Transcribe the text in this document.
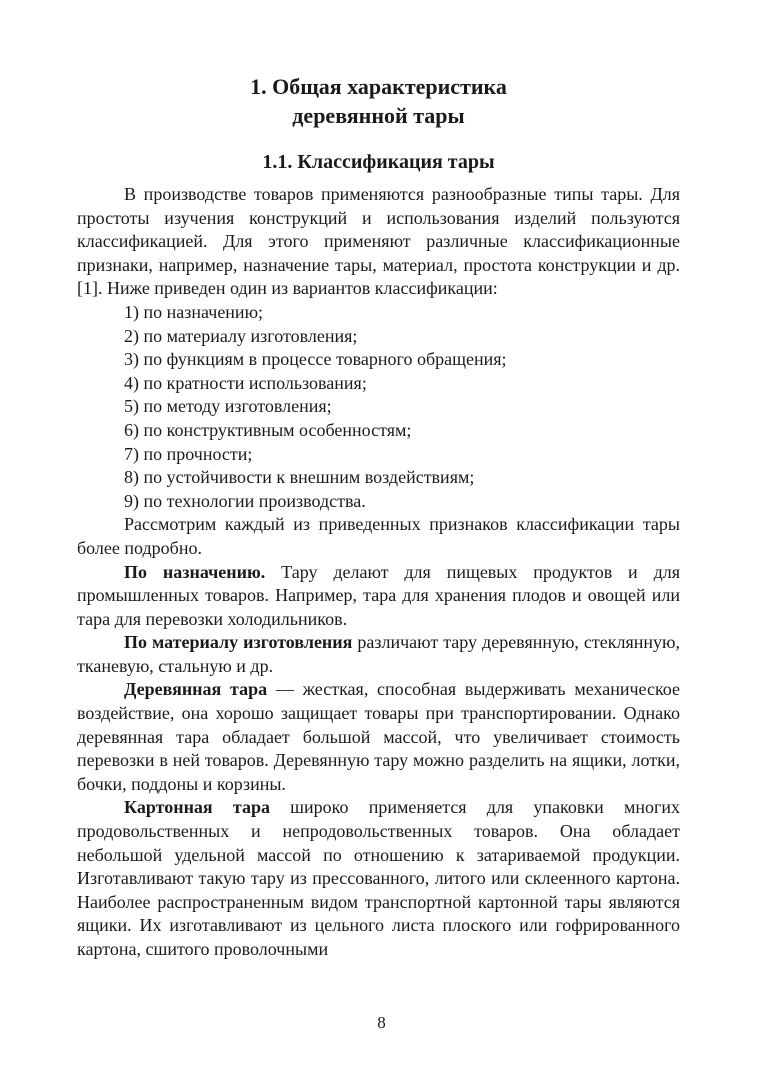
1. Общая характеристика
деревянной тары
1.1. Классификация тары

В производстве товаров применяются разнообразные типы тары. Для простоты изучения конструкций и использования изделий пользуются классификацией. Для этого применяют различные классификационные признаки, например, назначение тары, материал, простота конструкции и др. [1]. Ниже приведен один из вариантов классификации:

1) по назначению;
2) по материалу изготовления;
3) по функциям в процессе товарного обращения;
4) по кратности использования;
5) по методу изготовления;
6) по конструктивным особенностям;
7) по прочности;
8) по устойчивости к внешним воздействиям;
9) по технологии производства.

Рассмотрим каждый из приведенных признаков классификации тары более подробно.

По назначению. Тару делают для пищевых продуктов и для промышленных товаров. Например, тара для хранения плодов и овощей или тара для перевозки холодильников.

По материалу изготовления различают тару деревянную, стеклянную, тканевую, стальную и др.

Деревянная тара — жесткая, способная выдерживать механическое воздействие, она хорошо защищает товары при транспортировании. Однако деревянная тара обладает большой массой, что увеличивает стоимость перевозки в ней товаров. Деревянную тару можно разделить на ящики, лотки, бочки, поддоны и корзины.

Картонная тара широко применяется для упаковки многих продовольственных и непродовольственных товаров. Она обладает небольшой удельной массой по отношению к затариваемой продукции. Изготавливают такую тару из прессованного, литого или склеенного картона. Наиболее распространенным видом транспортной картонной тары являются ящики. Их изготавливают из цельного листа плоского или гофрированного картона, сшитого проволочными

8
